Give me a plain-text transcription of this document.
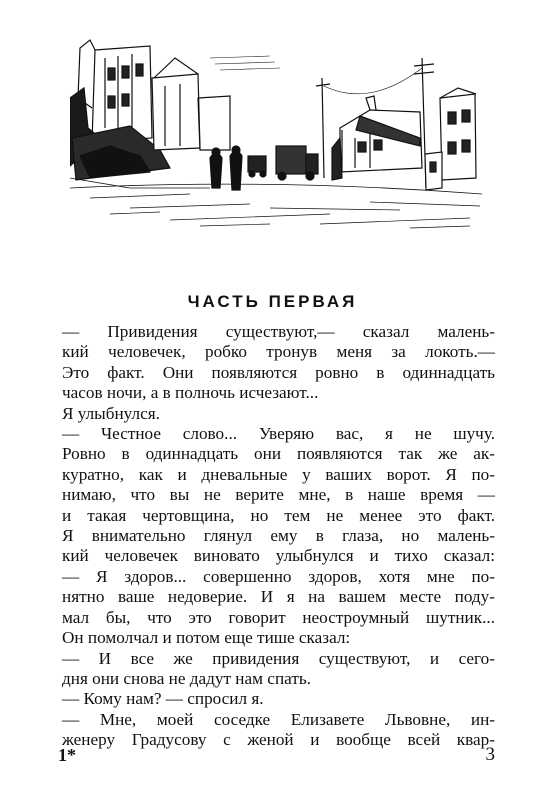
ЧАСТЬ ПЕРВАЯ
— Привидения существуют,— сказал малень-
кий человечек, робко тронув меня за локоть.—
Это факт. Они появляются ровно в одиннадцать
часов ночи, а в полночь исчезают...
Я улыбнулся.
— Честное слово... Уверяю вас, я не шучу.
Ровно в одиннадцать они появляются так же ак-
куратно, как и дневальные у ваших ворот. Я по-
нимаю, что вы не верите мне, в наше время —
и такая чертовщина, но тем не менее это факт.
Я внимательно глянул ему в глаза, но малень-
кий человечек виновато улыбнулся и тихо сказал:
— Я здоров... совершенно здоров, хотя мне по-
нятно ваше недоверие. И я на вашем месте поду-
мал бы, что это говорит неостроумный шутник...
Он помолчал и потом еще тише сказал:
— И все же привидения существуют, и сего-
дня они снова не дадут нам спать.
— Кому нам? — спросил я.
— Мне, моей соседке Елизавете Львовне, ин-
женеру Градусову с женой и вообще всей квар-
1*	3
